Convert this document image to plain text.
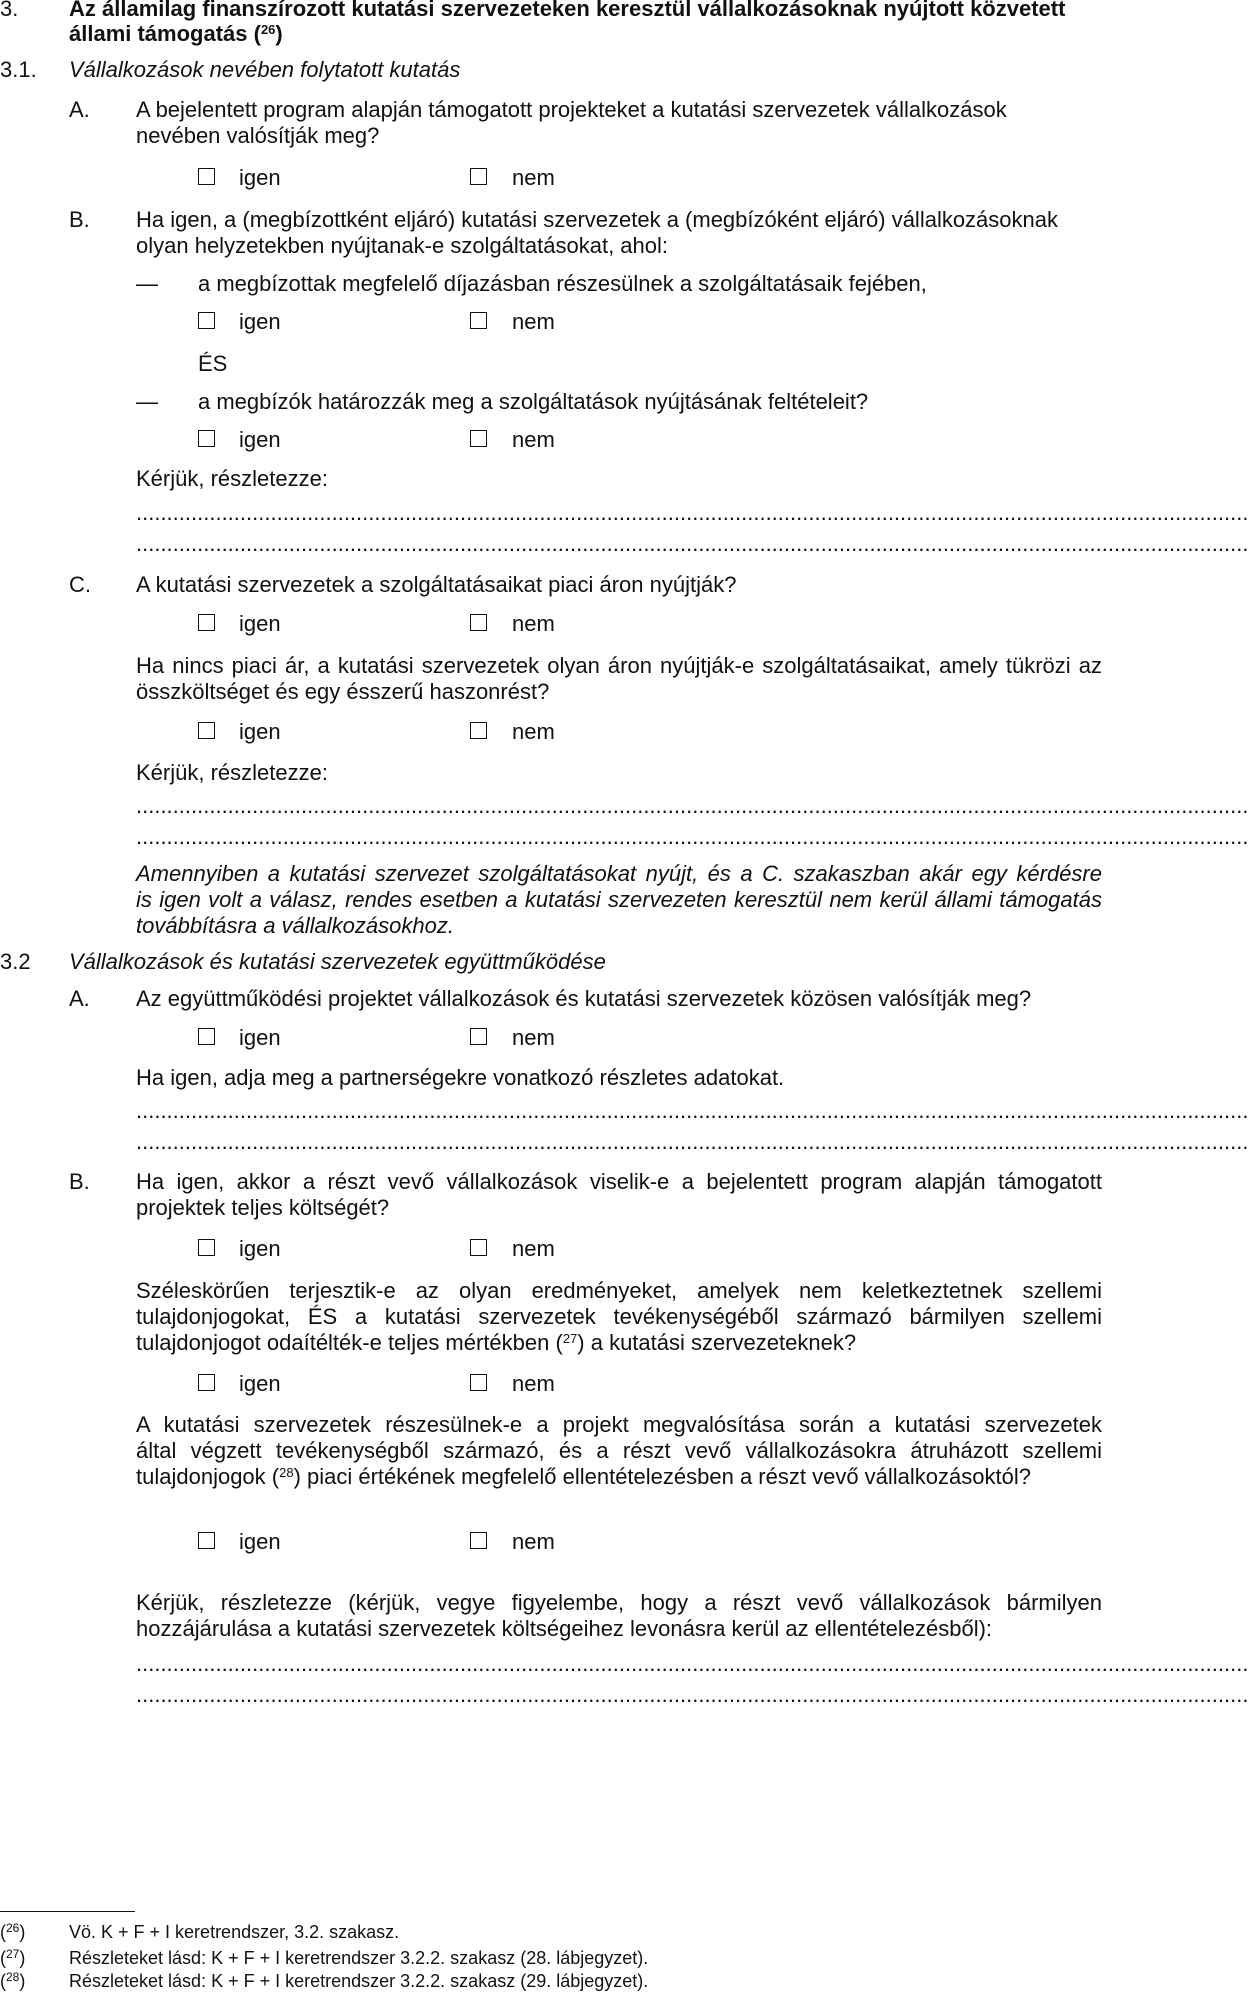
3. Az államilag finanszírozott kutatási szervezeteken keresztül vállalkozásoknak nyújtott közvetett
állami támogatás ($^{26}$)
3.1. Vállalkozások nevében folytatott kutatás
A. A bejelentett program alapján támogatott projekteket a kutatási szervezetek vállalkozások
nevében valósítják meg?
igen	nem
B. Ha igen, a (megbízottként eljáró) kutatási szervezetek a (megbízóként eljáró) vállalkozásoknak
olyan helyzetekben nyújtanak-e szolgáltatásokat, ahol:
— a megbízottak megfelelő díjazásban részesülnek a szolgáltatásaik fejében,
igen	nem
ÉS
— a megbízók határozzák meg a szolgáltatások nyújtásának feltételeit?
igen	nem
Kérjük, részletezze:
......................................................................................................................................................................................
......................................................................................................................................................................................
C. A kutatási szervezetek a szolgáltatásaikat piaci áron nyújtják?
igen	nem
Ha nincs piaci ár, a kutatási szervezetek olyan áron nyújtják-e szolgáltatásaikat, amely tükrözi az
összköltséget és egy ésszerű haszonrést?
igen	nem
Kérjük, részletezze:
......................................................................................................................................................................................
......................................................................................................................................................................................
Amennyiben a kutatási szervezet szolgáltatásokat nyújt, és a C. szakaszban akár egy kérdésre
is igen volt a válasz, rendes esetben a kutatási szervezeten keresztül nem kerül állami támogatás
továbbításra a vállalkozásokhoz.
3.2 Vállalkozások és kutatási szervezetek együttműködése
A. Az együttműködési projektet vállalkozások és kutatási szervezetek közösen valósítják meg?
igen	nem
Ha igen, adja meg a partnerségekre vonatkozó részletes adatokat.
......................................................................................................................................................................................
......................................................................................................................................................................................
B. Ha igen, akkor a részt vevő vállalkozások viselik-e a bejelentett program alapján támogatott
projektek teljes költségét?
igen	nem
Széleskörűen terjesztik-e az olyan eredményeket, amelyek nem keletkeztetnek szellemi
tulajdonjogokat, ÉS a kutatási szervezetek tevékenységéből származó bármilyen szellemi
tulajdonjogot odaítélték-e teljes mértékben ($^{27}$) a kutatási szervezeteknek?
igen	nem
A kutatási szervezetek részesülnek-e a projekt megvalósítása során a kutatási szervezetek
által végzett tevékenységből származó, és a részt vevő vállalkozásokra átruházott szellemi
tulajdonjogok ($^{28}$) piaci értékének megfelelő ellentételezésben a részt vevő vállalkozásoktól?
igen	nem
Kérjük, részletezze (kérjük, vegye figyelembe, hogy a részt vevő vállalkozások bármilyen
hozzájárulása a kutatási szervezetek költségeihez levonásra kerül az ellentételezésből):
......................................................................................................................................................................................
......................................................................................................................................................................................
($^{26}$) Vö. K + F + I keretrendszer, 3.2. szakasz.
($^{27}$) Részleteket lásd: K + F + I keretrendszer 3.2.2. szakasz (28. lábjegyzet).
($^{28}$) Részleteket lásd: K + F + I keretrendszer 3.2.2. szakasz (29. lábjegyzet).
